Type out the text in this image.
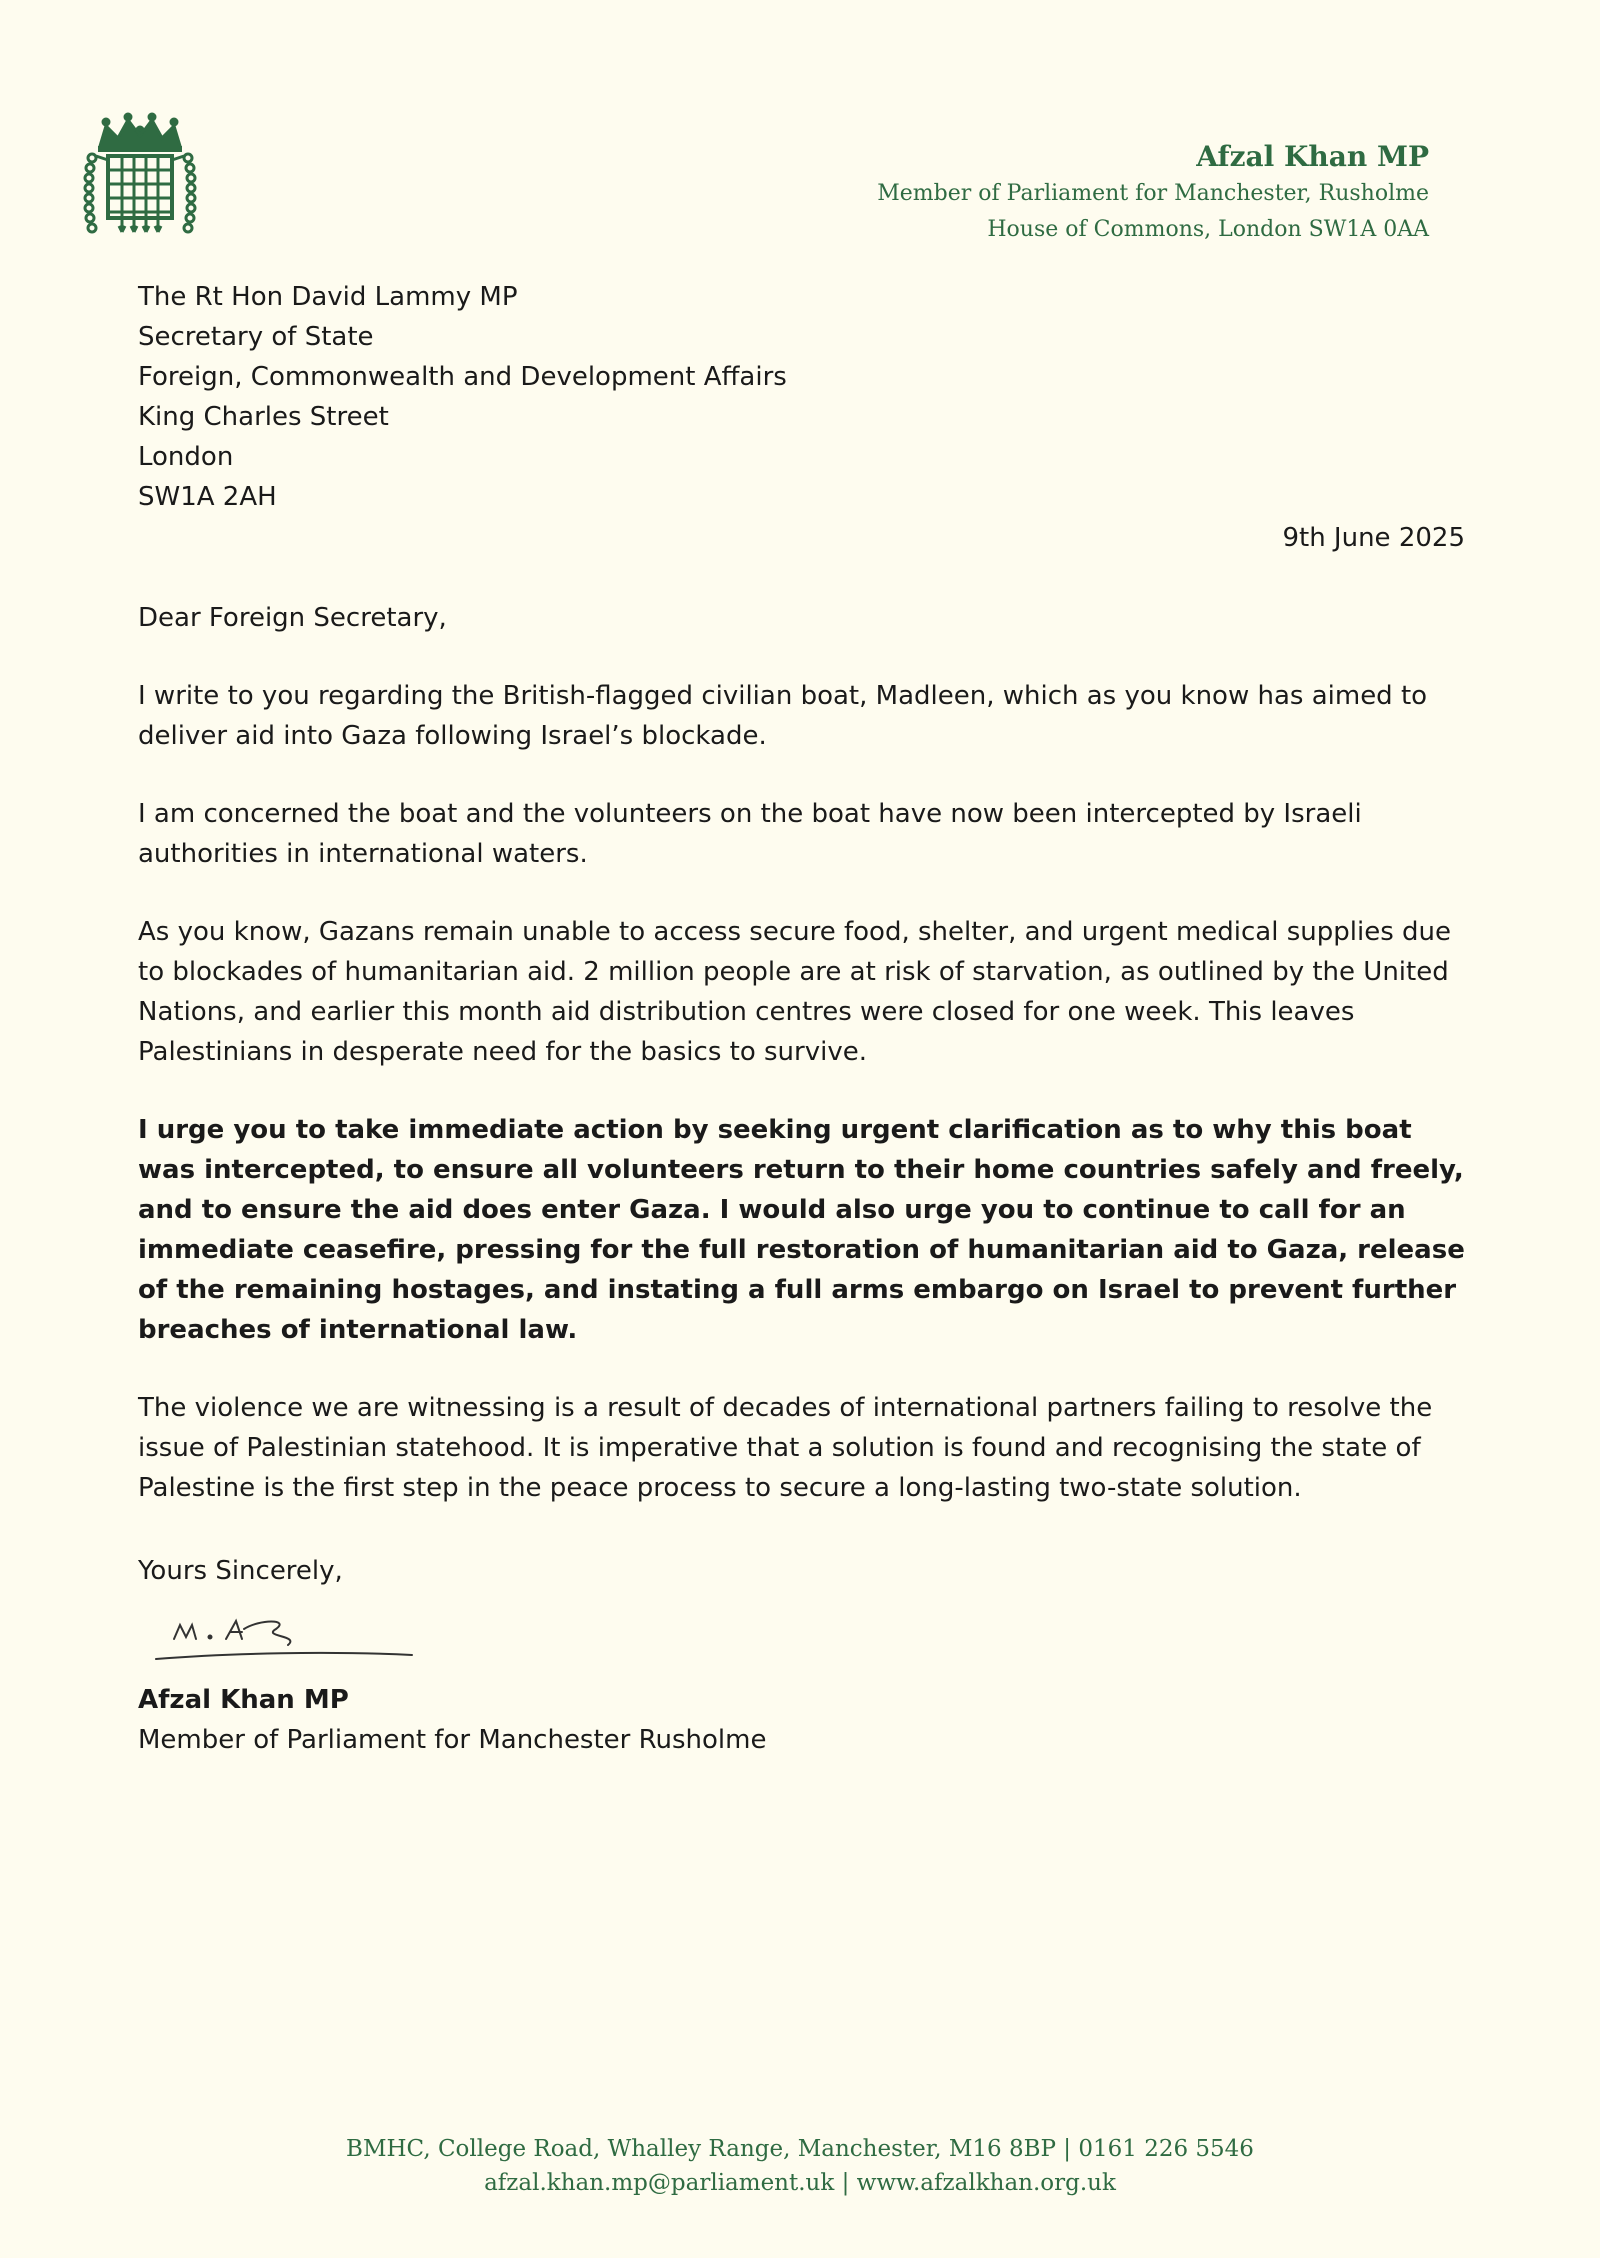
Afzal Khan MP
Member of Parliament for Manchester, Rusholme
House of Commons, London SW1A 0AA
The Rt Hon David Lammy MP
Secretary of State
Foreign, Commonwealth and Development Affairs
King Charles Street
London
SW1A 2AH
9th June 2025

Dear Foreign Secretary,

I write to you regarding the British-flagged civilian boat, Madleen, which as you know has aimed to deliver aid into Gaza following Israel’s blockade.

I am concerned the boat and the volunteers on the boat have now been intercepted by Israeli authorities in international waters.

As you know, Gazans remain unable to access secure food, shelter, and urgent medical supplies due to blockades of humanitarian aid. 2 million people are at risk of starvation, as outlined by the United Nations, and earlier this month aid distribution centres were closed for one week. This leaves Palestinians in desperate need for the basics to survive.

I urge you to take immediate action by seeking urgent clarification as to why this boat was intercepted, to ensure all volunteers return to their home countries safely and freely, and to ensure the aid does enter Gaza. I would also urge you to continue to call for an immediate ceasefire, pressing for the full restoration of humanitarian aid to Gaza, release of the remaining hostages, and instating a full arms embargo on Israel to prevent further breaches of international law.

The violence we are witnessing is a result of decades of international partners failing to resolve the issue of Palestinian statehood. It is imperative that a solution is found and recognising the state of Palestine is the first step in the peace process to secure a long-lasting two-state solution.

Yours Sincerely,
Afzal Khan MP
Member of Parliament for Manchester Rusholme
BMHC, College Road, Whalley Range, Manchester, M16 8BP | 0161 226 5546
afzal.khan.mp@parliament.uk | www.afzalkhan.org.uk
